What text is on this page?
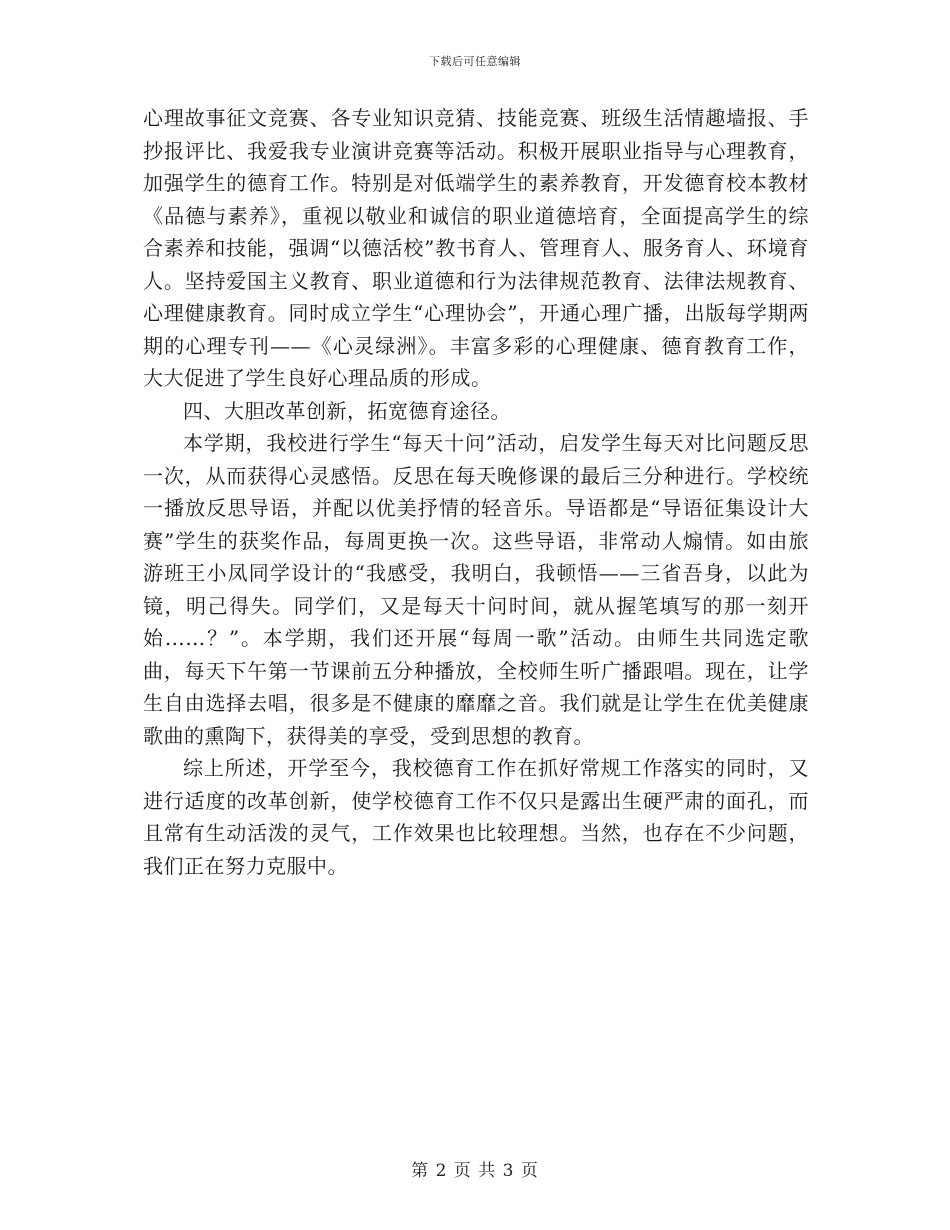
下载后可任意编辑

心理故事征文竞赛、各专业知识竞猜、技能竞赛、班级生活情趣墙报、手抄报评比、我爱我专业演讲竞赛等活动。积极开展职业指导与心理教育，加强学生的德育工作。特别是对低端学生的素养教育，开发德育校本教材《品德与素养》，重视以敬业和诚信的职业道德培育，全面提高学生的综合素养和技能，强调“以德活校”教书育人、管理育人、服务育人、环境育人。坚持爱国主义教育、职业道德和行为法律规范教育、法律法规教育、心理健康教育。同时成立学生“心理协会”，开通心理广播，出版每学期两期的心理专刊——《心灵绿洲》。丰富多彩的心理健康、德育教育工作，大大促进了学生良好心理品质的形成。

四、大胆改革创新，拓宽德育途径。

本学期，我校进行学生“每天十问”活动，启发学生每天对比问题反思一次，从而获得心灵感悟。反思在每天晚修课的最后三分种进行。学校统一播放反思导语，并配以优美抒情的轻音乐。导语都是“导语征集设计大赛”学生的获奖作品，每周更换一次。这些导语，非常动人煽情。如由旅游班王小凤同学设计的“我感受，我明白，我顿悟——三省吾身，以此为镜，明己得失。同学们，又是每天十问时间，就从握笔填写的那一刻开始……？”。本学期，我们还开展“每周一歌”活动。由师生共同选定歌曲，每天下午第一节课前五分种播放，全校师生听广播跟唱。现在，让学生自由选择去唱，很多是不健康的靡靡之音。我们就是让学生在优美健康歌曲的熏陶下，获得美的享受，受到思想的教育。

综上所述，开学至今，我校德育工作在抓好常规工作落实的同时，又进行适度的改革创新，使学校德育工作不仅只是露出生硬严肃的面孔，而且常有生动活泼的灵气，工作效果也比较理想。当然，也存在不少问题，我们正在努力克服中。

第 2 页 共 3 页
